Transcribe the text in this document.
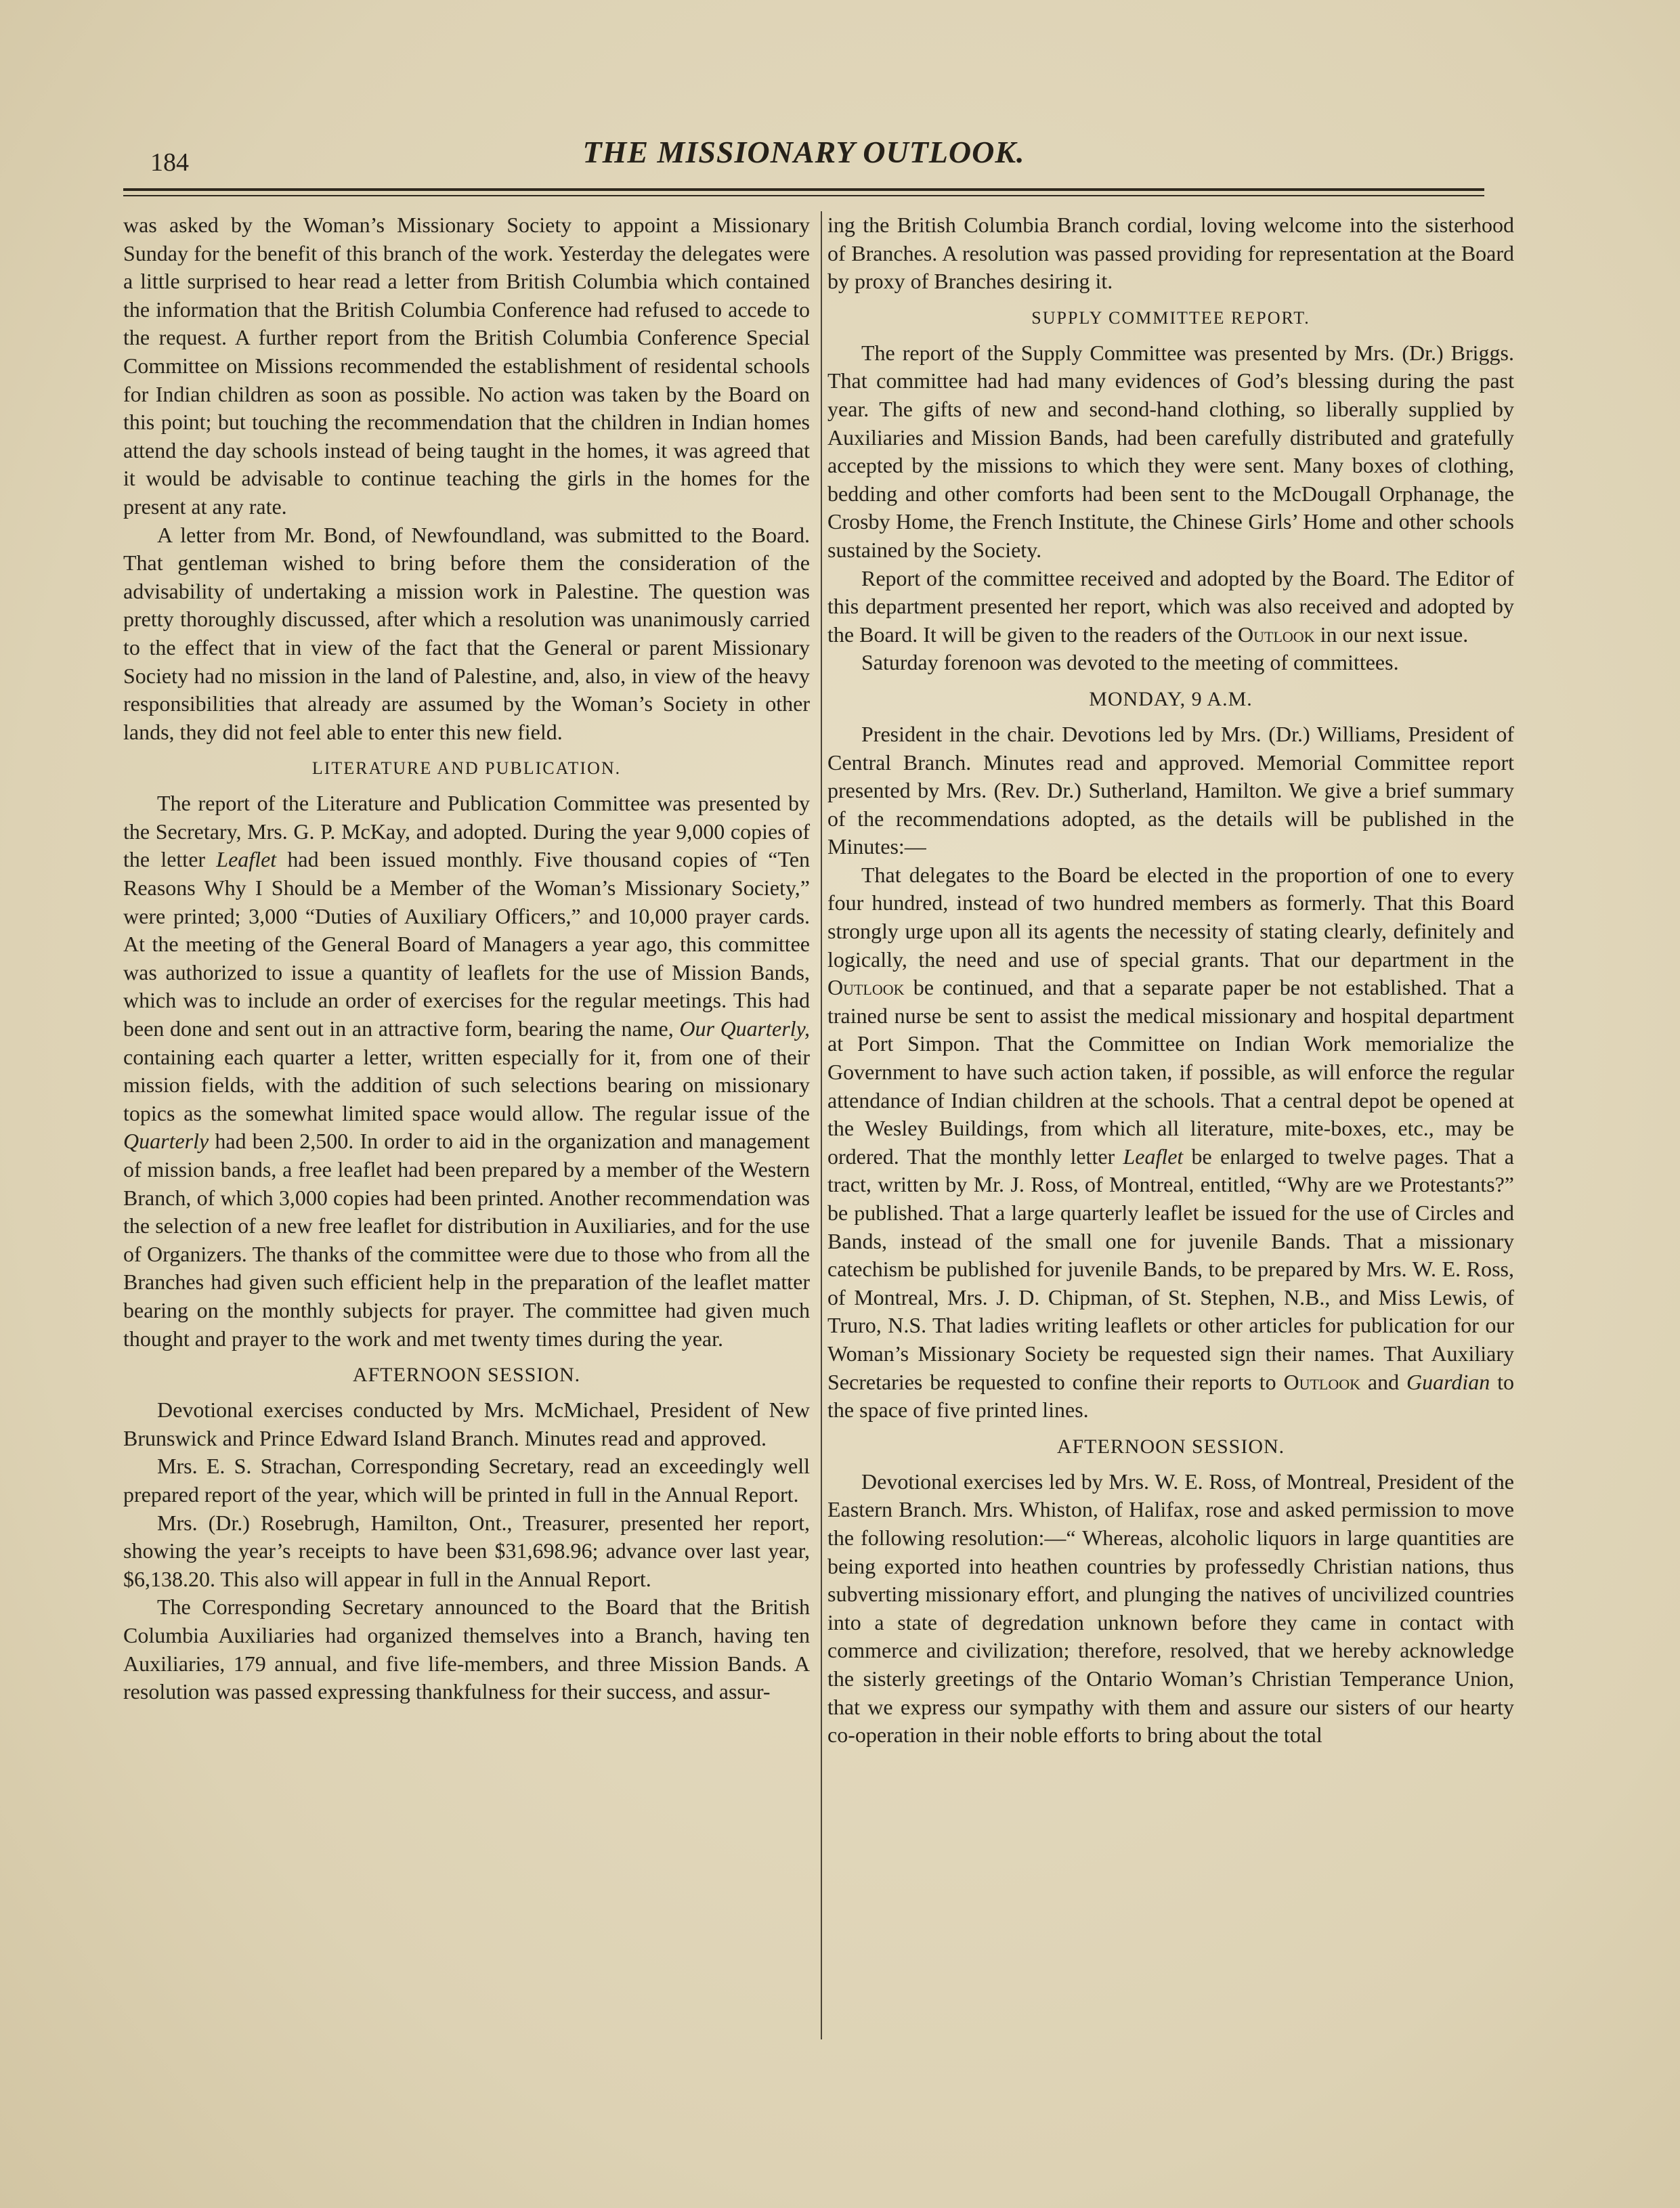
184	THE MISSIONARY OUTLOOK.

was asked by the Woman’s Missionary Society to appoint a Missionary Sunday for the benefit of this branch of the work. Yesterday the delegates were a little surprised to hear read a letter from British Columbia which contained the information that the British Columbia Conference had refused to accede to the request. A further report from the British Columbia Conference Special Committee on Missions recommended the establishment of residental schools for Indian children as soon as possible. No action was taken by the Board on this point; but touching the recommendation that the children in Indian homes attend the day schools instead of being taught in the homes, it was agreed that it would be advisable to continue teaching the girls in the homes for the present at any rate.

A letter from Mr. Bond, of Newfoundland, was submitted to the Board. That gentleman wished to bring before them the consideration of the advisability of undertaking a mission work in Palestine. The question was pretty thoroughly discussed, after which a resolution was unanimously carried to the effect that in view of the fact that the General or parent Missionary Society had no mission in the land of Palestine, and, also, in view of the heavy responsibilities that already are assumed by the Woman’s Society in other lands, they did not feel able to enter this new field.

LITERATURE AND PUBLICATION.

The report of the Literature and Publication Committee was presented by the Secretary, Mrs. G. P. McKay, and adopted. During the year 9,000 copies of the letter Leaflet had been issued monthly. Five thousand copies of “Ten Reasons Why I Should be a Member of the Woman’s Missionary Society,” were printed; 3,000 “Duties of Auxiliary Officers,” and 10,000 prayer cards. At the meeting of the General Board of Managers a year ago, this committee was authorized to issue a quantity of leaflets for the use of Mission Bands, which was to include an order of exercises for the regular meetings. This had been done and sent out in an attractive form, bearing the name, Our Quarterly, containing each quarter a letter, written especially for it, from one of their mission fields, with the addition of such selections bearing on missionary topics as the somewhat limited space would allow. The regular issue of the Quarterly had been 2,500. In order to aid in the organization and management of mission bands, a free leaflet had been prepared by a member of the Western Branch, of which 3,000 copies had been printed. Another recommendation was the selection of a new free leaflet for distribution in Auxiliaries, and for the use of Organizers. The thanks of the committee were due to those who from all the Branches had given such efficient help in the preparation of the leaflet matter bearing on the monthly subjects for prayer. The committee had given much thought and prayer to the work and met twenty times during the year.

AFTERNOON SESSION.

Devotional exercises conducted by Mrs. McMichael, President of New Brunswick and Prince Edward Island Branch. Minutes read and approved.

Mrs. E. S. Strachan, Corresponding Secretary, read an exceedingly well prepared report of the year, which will be printed in full in the Annual Report.

Mrs. (Dr.) Rosebrugh, Hamilton, Ont., Treasurer, presented her report, showing the year’s receipts to have been $31,698.96; advance over last year, $6,138.20. This also will appear in full in the Annual Report.

The Corresponding Secretary announced to the Board that the British Columbia Auxiliaries had organized themselves into a Branch, having ten Auxiliaries, 179 annual, and five life-members, and three Mission Bands. A resolution was passed expressing thankfulness for their success, and assur-

ing the British Columbia Branch cordial, loving welcome into the sisterhood of Branches. A resolution was passed providing for representation at the Board by proxy of Branches desiring it.

SUPPLY COMMITTEE REPORT.

The report of the Supply Committee was presented by Mrs. (Dr.) Briggs. That committee had had many evidences of God’s blessing during the past year. The gifts of new and second-hand clothing, so liberally supplied by Auxiliaries and Mission Bands, had been carefully distributed and gratefully accepted by the missions to which they were sent. Many boxes of clothing, bedding and other comforts had been sent to the McDougall Orphanage, the Crosby Home, the French Institute, the Chinese Girls’ Home and other schools sustained by the Society.

Report of the committee received and adopted by the Board. The Editor of this department presented her report, which was also received and adopted by the Board. It will be given to the readers of the Outlook in our next issue.

Saturday forenoon was devoted to the meeting of committees.

MONDAY, 9 A.M.

President in the chair. Devotions led by Mrs. (Dr.) Williams, President of Central Branch. Minutes read and approved. Memorial Committee report presented by Mrs. (Rev. Dr.) Sutherland, Hamilton. We give a brief summary of the recommendations adopted, as the details will be published in the Minutes:—

That delegates to the Board be elected in the proportion of one to every four hundred, instead of two hundred members as formerly. That this Board strongly urge upon all its agents the necessity of stating clearly, definitely and logically, the need and use of special grants. That our department in the Outlook be continued, and that a separate paper be not established. That a trained nurse be sent to assist the medical missionary and hospital department at Port Simpon. That the Committee on Indian Work memorialize the Government to have such action taken, if possible, as will enforce the regular attendance of Indian children at the schools. That a central depot be opened at the Wesley Buildings, from which all literature, mite-boxes, etc., may be ordered. That the monthly letter Leaflet be enlarged to twelve pages. That a tract, written by Mr. J. Ross, of Montreal, entitled, “Why are we Protestants?” be published. That a large quarterly leaflet be issued for the use of Circles and Bands, instead of the small one for juvenile Bands. That a missionary catechism be published for juvenile Bands, to be prepared by Mrs. W. E. Ross, of Montreal, Mrs. J. D. Chipman, of St. Stephen, N.B., and Miss Lewis, of Truro, N.S. That ladies writing leaflets or other articles for publication for our Woman’s Missionary Society be requested sign their names. That Auxiliary Secretaries be requested to confine their reports to Outlook and Guardian to the space of five printed lines.

AFTERNOON SESSION.

Devotional exercises led by Mrs. W. E. Ross, of Montreal, President of the Eastern Branch. Mrs. Whiston, of Halifax, rose and asked permission to move the following resolution:—“ Whereas, alcoholic liquors in large quantities are being exported into heathen countries by professedly Christian nations, thus subverting missionary effort, and plunging the natives of uncivilized countries into a state of degredation unknown before they came in contact with commerce and civilization; therefore, resolved, that we hereby acknowledge the sisterly greetings of the Ontario Woman’s Christian Temperance Union, that we express our sympathy with them and assure our sisters of our hearty co-operation in their noble efforts to bring about the total
